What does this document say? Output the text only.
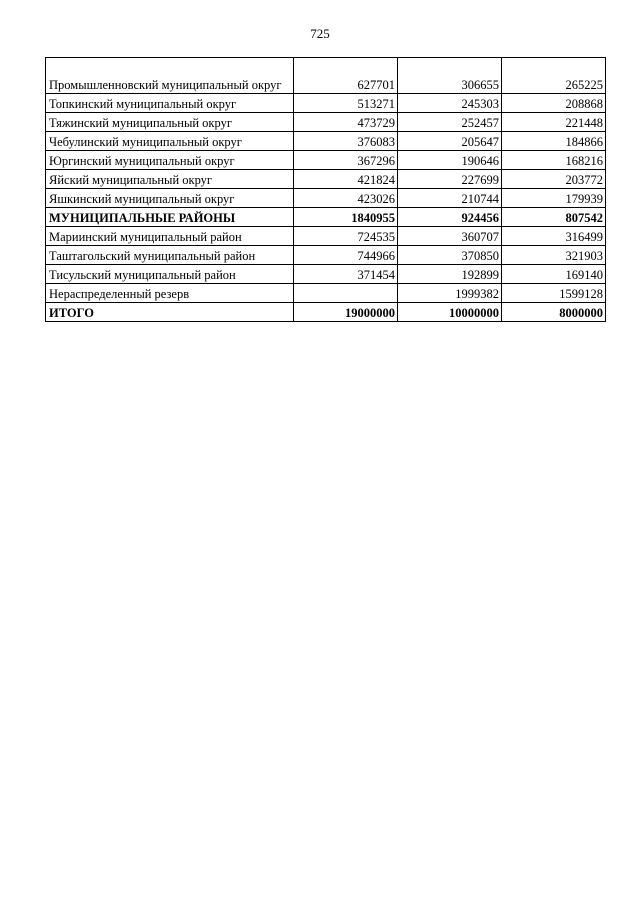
725
Промышленновский муниципальный округ	627701	306655	265225
Топкинский муниципальный округ	513271	245303	208868
Тяжинский муниципальный округ	473729	252457	221448
Чебулинский муниципальный округ	376083	205647	184866
Юргинский муниципальный округ	367296	190646	168216
Яйский муниципальный округ	421824	227699	203772
Яшкинский муниципальный округ	423026	210744	179939
МУНИЦИПАЛЬНЫЕ РАЙОНЫ	1840955	924456	807542
Мариинский муниципальный район	724535	360707	316499
Таштагольский муниципальный район	744966	370850	321903
Тисульский муниципальный район	371454	192899	169140
Нераспределенный резерв		1999382	1599128
ИТОГО	19000000	10000000	8000000
